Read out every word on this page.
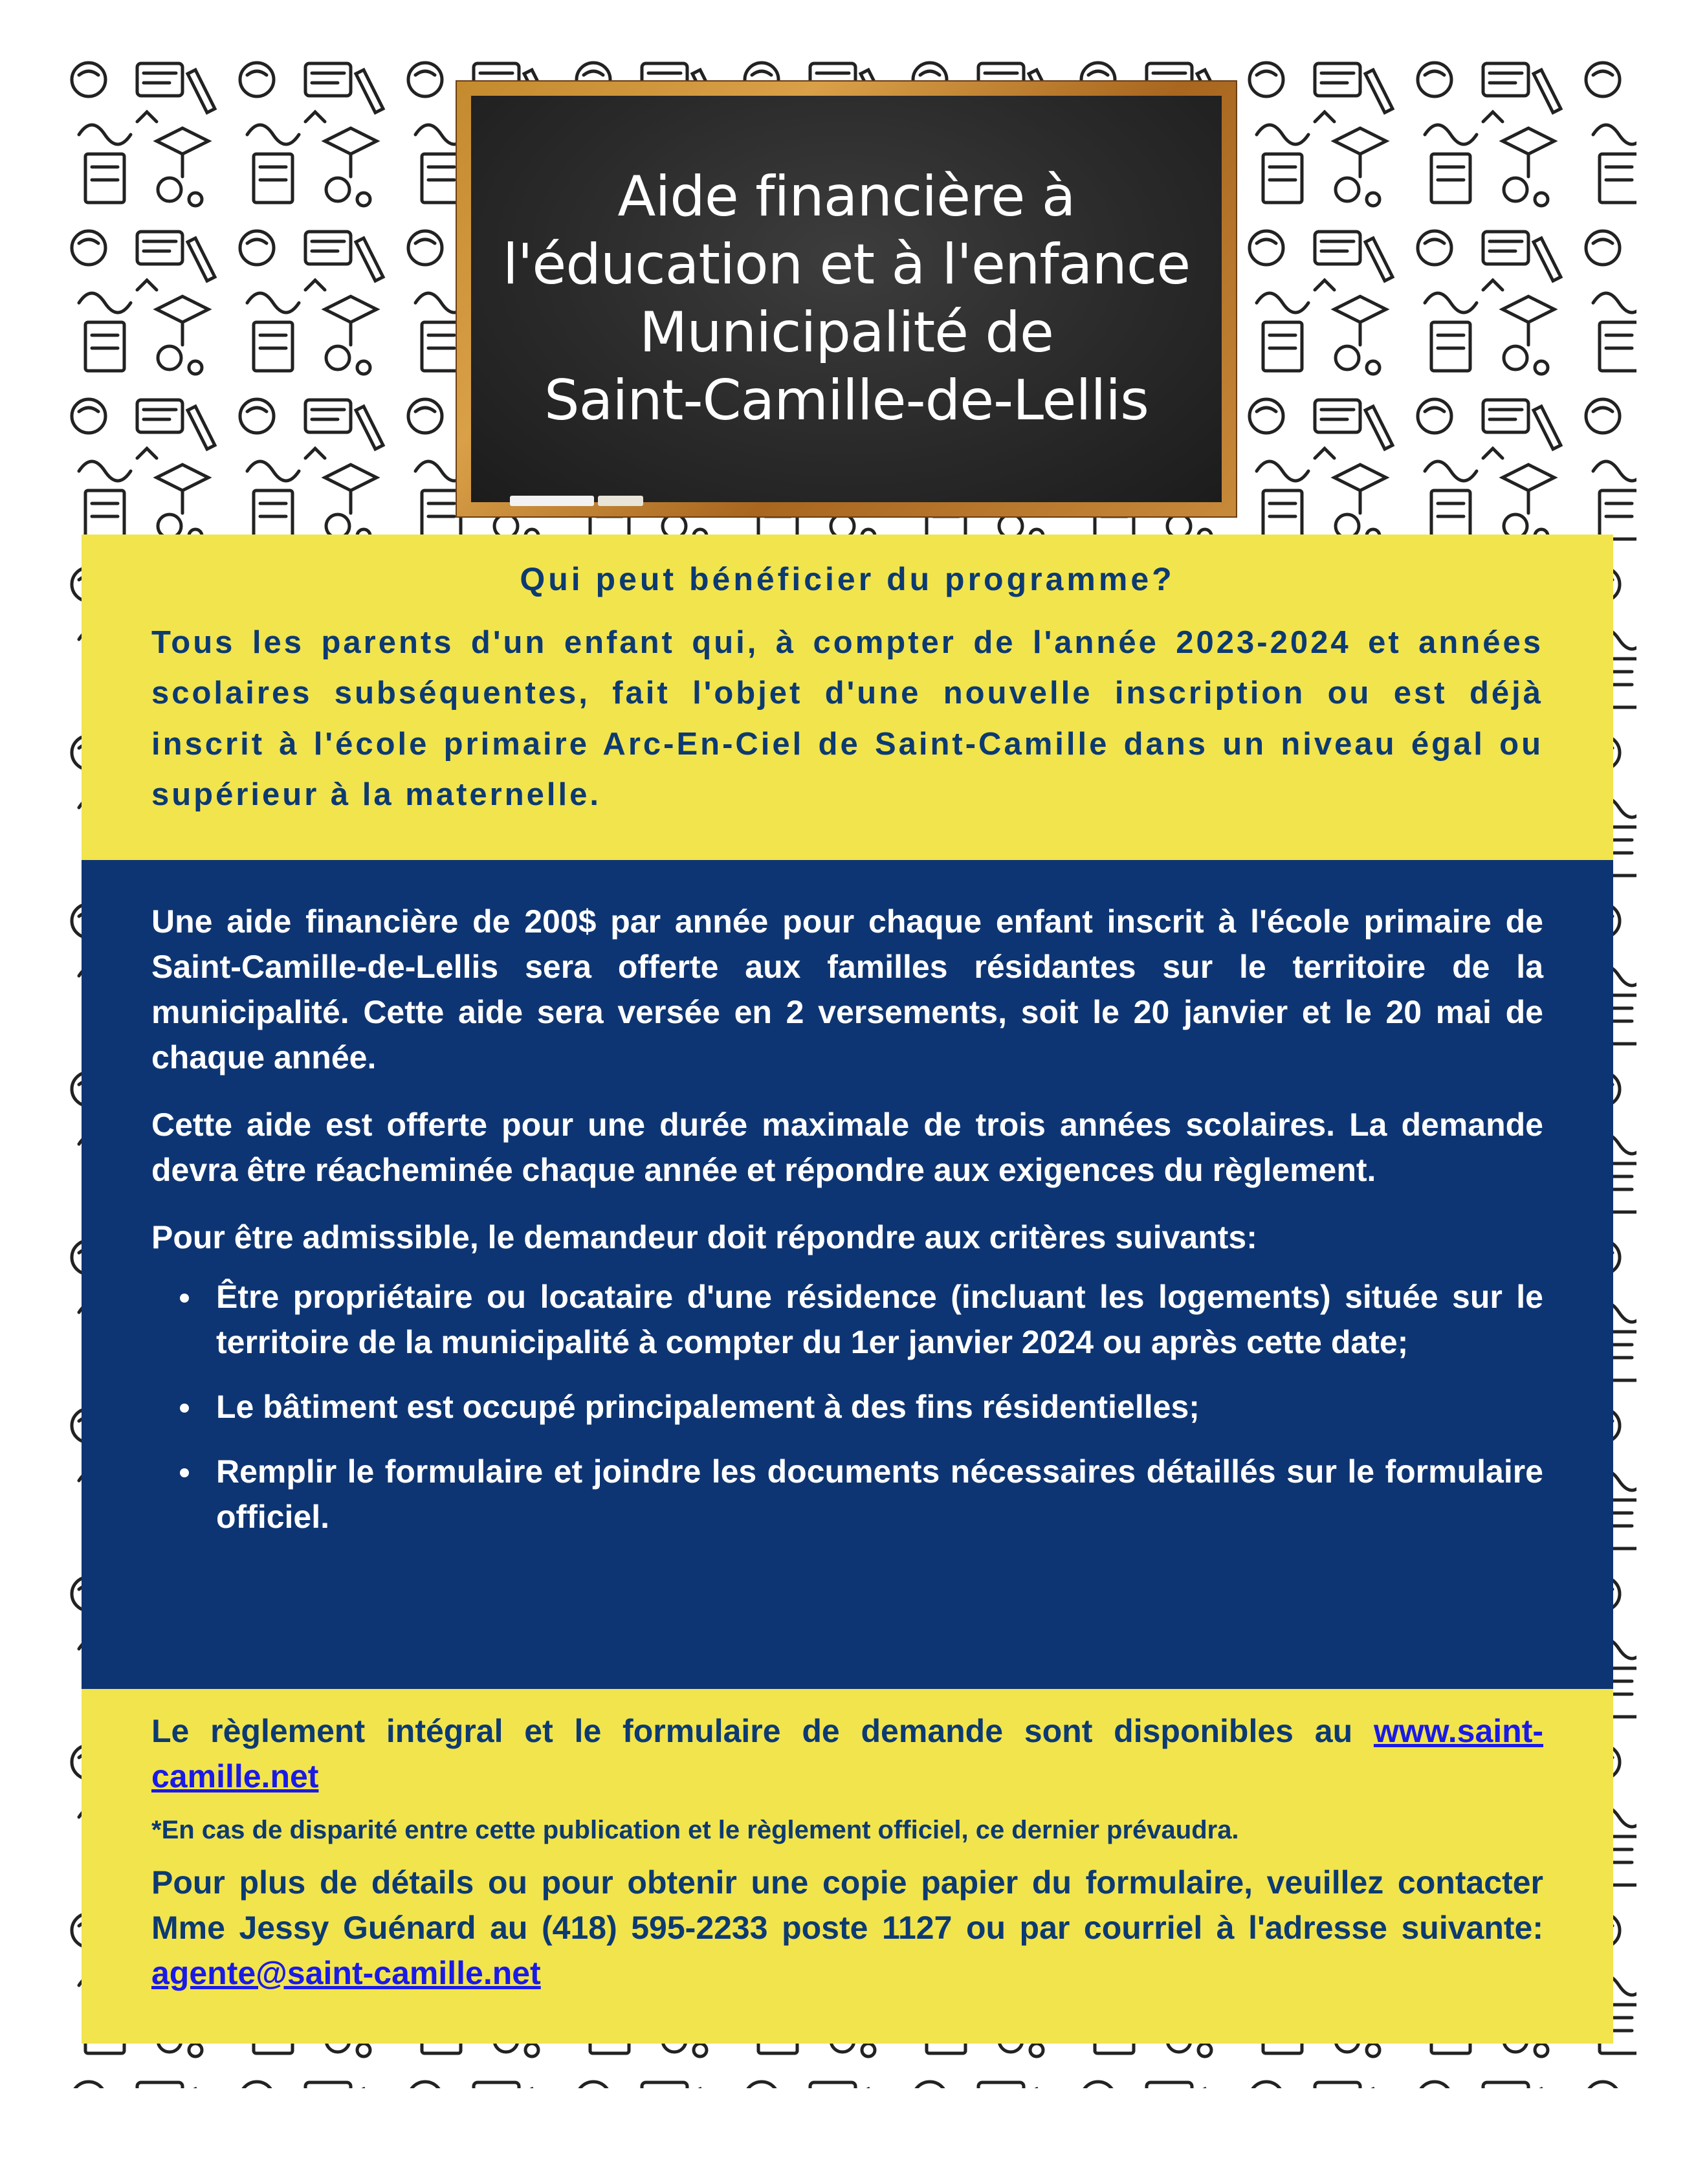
Aide financière à
l'éducation et à l'enfance
Municipalité de
Saint-Camille-de-Lellis
Qui peut bénéficier du programme?

Tous les parents d'un enfant qui, à compter de l'année 2023-2024 et années scolaires subséquentes, fait l'objet d'une nouvelle inscription ou est déjà inscrit à l'école primaire Arc-En-Ciel de Saint-Camille dans un niveau égal ou supérieur à la maternelle.

Une aide financière de 200$ par année pour chaque enfant inscrit à l'école primaire de Saint-Camille-de-Lellis sera offerte aux familles résidantes sur le territoire de la municipalité. Cette aide sera versée en 2 versements, soit le 20 janvier et le 20 mai de chaque année.

Cette aide est offerte pour une durée maximale de trois années scolaires. La demande devra être réacheminée chaque année et répondre aux exigences du règlement.

Pour être admissible, le demandeur doit répondre aux critères suivants:

Être propriétaire ou locataire d'une résidence (incluant les logements) située sur le territoire de la municipalité à compter du 1er janvier 2024 ou après cette date;
Le bâtiment est occupé principalement à des fins résidentielles;
Remplir le formulaire et joindre les documents nécessaires détaillés sur le formulaire officiel.

Le règlement intégral et le formulaire de demande sont disponibles au www.saint-camille.net

*En cas de disparité entre cette publication et le règlement officiel, ce dernier prévaudra.

Pour plus de détails ou pour obtenir une copie papier du formulaire, veuillez contacter Mme Jessy Guénard au (418) 595-2233 poste 1127 ou par courriel à l'adresse suivante: agente@saint-camille.net
